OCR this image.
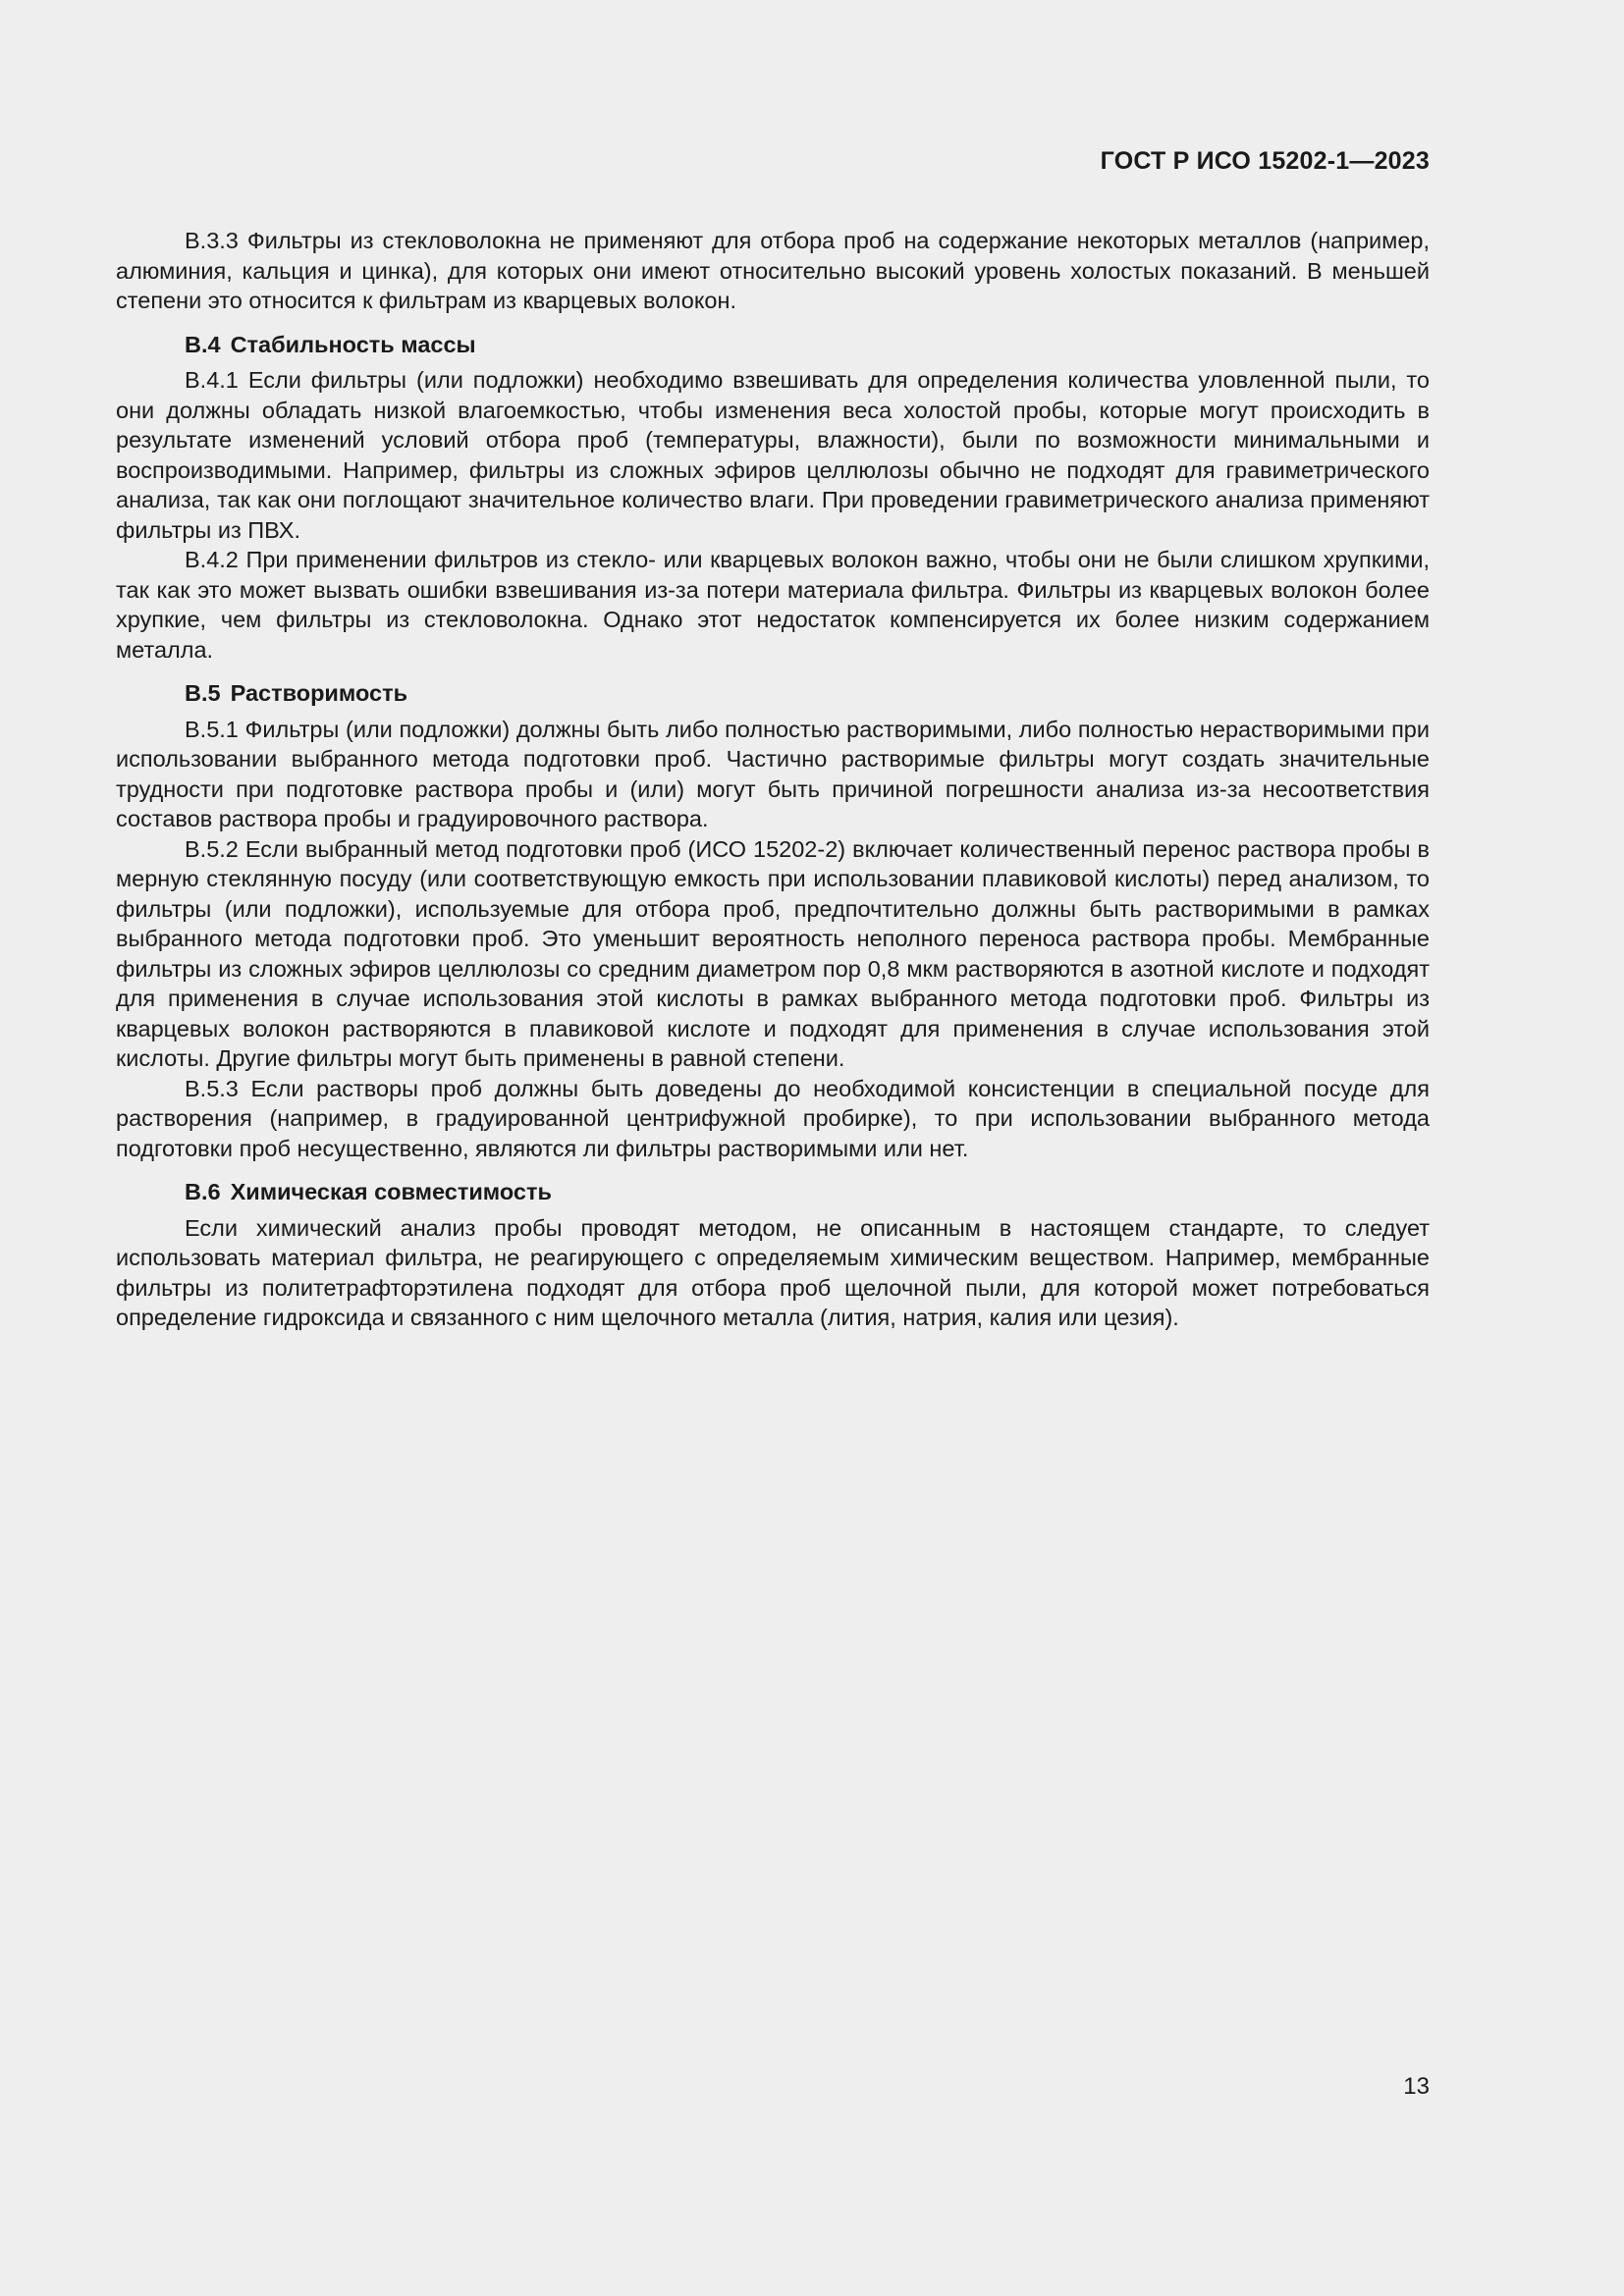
ГОСТ Р ИСО 15202-1—2023

В.3.3 Фильтры из стекловолокна не применяют для отбора проб на содержание некоторых металлов (например, алюминия, кальция и цинка), для которых они имеют относительно высокий уровень холостых показаний. В меньшей степени это относится к фильтрам из кварцевых волокон.

В.4 Стабильность массы

В.4.1 Если фильтры (или подложки) необходимо взвешивать для определения количества уловленной пыли, то они должны обладать низкой влагоемкостью, чтобы изменения веса холостой пробы, которые могут происходить в результате изменений условий отбора проб (температуры, влажности), были по возможности минимальными и воспроизводимыми. Например, фильтры из сложных эфиров целлюлозы обычно не подходят для гравиметрического анализа, так как они поглощают значительное количество влаги. При проведении гравиметрического анализа применяют фильтры из ПВХ.

В.4.2 При применении фильтров из стекло- или кварцевых волокон важно, чтобы они не были слишком хрупкими, так как это может вызвать ошибки взвешивания из-за потери материала фильтра. Фильтры из кварцевых волокон более хрупкие, чем фильтры из стекловолокна. Однако этот недостаток компенсируется их более низким содержанием металла.

В.5 Растворимость

В.5.1 Фильтры (или подложки) должны быть либо полностью растворимыми, либо полностью нерастворимыми при использовании выбранного метода подготовки проб. Частично растворимые фильтры могут создать значительные трудности при подготовке раствора пробы и (или) могут быть причиной погрешности анализа из-за несоответствия составов раствора пробы и градуировочного раствора.

В.5.2 Если выбранный метод подготовки проб (ИСО 15202-2) включает количественный перенос раствора пробы в мерную стеклянную посуду (или соответствующую емкость при использовании плавиковой кислоты) перед анализом, то фильтры (или подложки), используемые для отбора проб, предпочтительно должны быть растворимыми в рамках выбранного метода подготовки проб. Это уменьшит вероятность неполного переноса раствора пробы. Мембранные фильтры из сложных эфиров целлюлозы со средним диаметром пор 0,8 мкм растворяются в азотной кислоте и подходят для применения в случае использования этой кислоты в рамках выбранного метода подготовки проб. Фильтры из кварцевых волокон растворяются в плавиковой кислоте и подходят для применения в случае использования этой кислоты. Другие фильтры могут быть применены в равной степени.

В.5.3 Если растворы проб должны быть доведены до необходимой консистенции в специальной посуде для растворения (например, в градуированной центрифужной пробирке), то при использовании выбранного метода подготовки проб несущественно, являются ли фильтры растворимыми или нет.

В.6 Химическая совместимость

Если химический анализ пробы проводят методом, не описанным в настоящем стандарте, то следует использовать материал фильтра, не реагирующего с определяемым химическим веществом. Например, мембранные фильтры из политетрафторэтилена подходят для отбора проб щелочной пыли, для которой может потребоваться определение гидроксида и связанного с ним щелочного металла (лития, натрия, калия или цезия).

13
